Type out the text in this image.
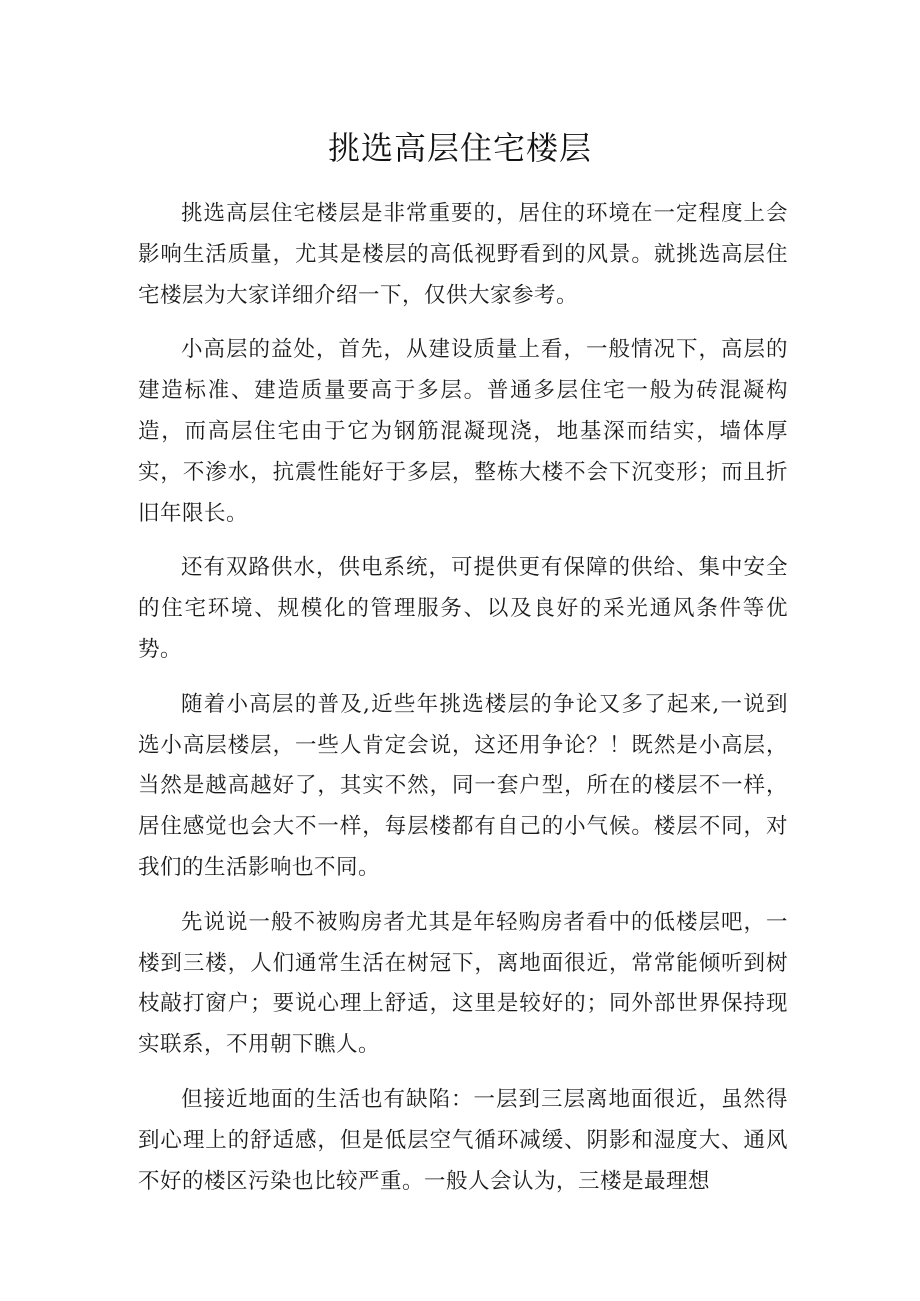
挑选高层住宅楼层

挑选高层住宅楼层是非常重要的，居住的环境在一定程度上会影响生活质量，尤其是楼层的高低视野看到的风景。就挑选高层住宅楼层为大家详细介绍一下，仅供大家参考。

小高层的益处，首先，从建设质量上看，一般情况下，高层的建造标准、建造质量要高于多层。普通多层住宅一般为砖混凝构造，而高层住宅由于它为钢筋混凝现浇，地基深而结实，墙体厚实，不渗水，抗震性能好于多层，整栋大楼不会下沉变形；而且折旧年限长。

还有双路供水，供电系统，可提供更有保障的供给、集中安全的住宅环境、规模化的管理服务、以及良好的采光通风条件等优势。

随着小高层的普及,近些年挑选楼层的争论又多了起来,一说到选小高层楼层，一些人肯定会说，这还用争论？！既然是小高层，当然是越高越好了，其实不然，同一套户型，所在的楼层不一样，居住感觉也会大不一样，每层楼都有自己的小气候。楼层不同，对我们的生活影响也不同。

先说说一般不被购房者尤其是年轻购房者看中的低楼层吧，一楼到三楼，人们通常生活在树冠下，离地面很近，常常能倾听到树枝敲打窗户；要说心理上舒适，这里是较好的；同外部世界保持现实联系，不用朝下瞧人。

但接近地面的生活也有缺陷：一层到三层离地面很近，虽然得到心理上的舒适感，但是低层空气循环减缓、阴影和湿度大、通风不好的楼区污染也比较严重。一般人会认为，三楼是最理想
